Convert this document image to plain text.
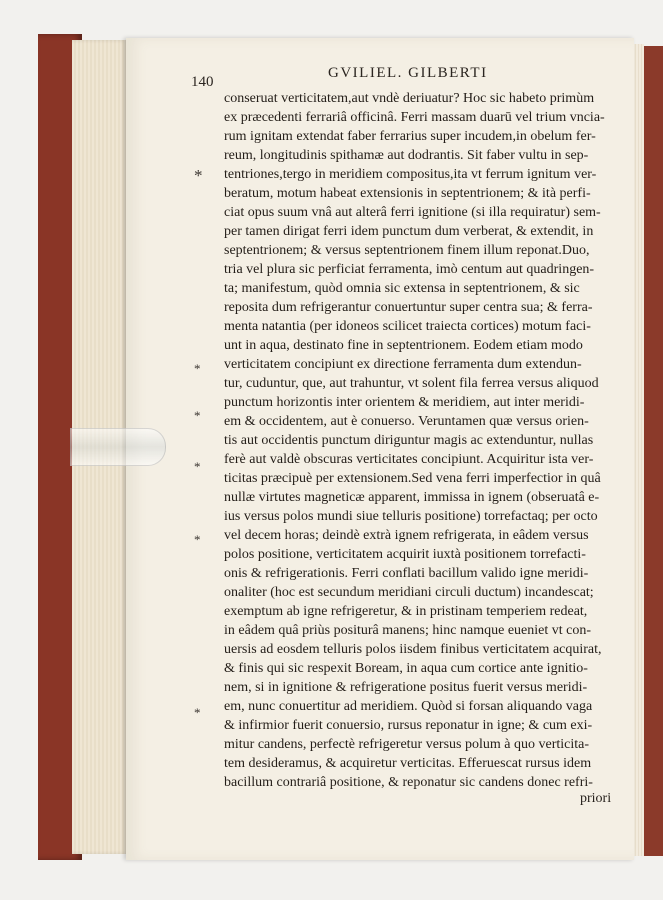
140
GVILIEL. GILBERTI
conseruat verticitatem,aut vndè deriuatur? Hoc sic habeto primùm
ex præcedenti ferrariâ officinâ. Ferri massam duarū vel trium vncia-
rum ignitam extendat faber ferrarius super incudem,in obelum fer-
reum, longitudinis spithamæ aut dodrantis. Sit faber vultu in sep-
tentriones,tergo in meridiem compositus,ita vt ferrum ignitum ver-
beratum, motum habeat extensionis in septentrionem; & ità perfi-
ciat opus suum vnâ aut alterâ ferri ignitione (si illa requiratur) sem-
per tamen dirigat ferri idem punctum dum verberat, & extendit, in
septentrionem; & versus septentrionem finem illum reponat.Duo,
tria vel plura sic perficiat ferramenta, imò centum aut quadringen-
ta; manifestum, quòd omnia sic extensa in septentrionem, & sic
reposita dum refrigerantur conuertuntur super centra sua; & ferra-
menta natantia (per idoneos scilicet traiecta cortices) motum faci-
unt in aqua, destinato fine in septentrionem. Eodem etiam modo
verticitatem concipiunt ex directione ferramenta dum extendun-
tur, cuduntur, que, aut trahuntur, vt solent fila ferrea versus aliquod
punctum horizontis inter orientem & meridiem, aut inter meridi-
em & occidentem, aut è conuerso. Veruntamen quæ versus orien-
tis aut occidentis punctum diriguntur magis ac extenduntur, nullas
ferè aut valdè obscuras verticitates concipiunt. Acquiritur ista ver-
ticitas præcipuè per extensionem.Sed vena ferri imperfectior in quâ
nullæ virtutes magneticæ apparent, immissa in ignem (obseruatâ e-
ius versus polos mundi siue telluris positione) torrefactaq; per octo
vel decem horas; deindè extrà ignem refrigerata, in eâdem versus
polos positione, verticitatem acquirit iuxtà positionem torrefacti-
onis & refrigerationis. Ferri conflati bacillum valido igne meridi-
onaliter (hoc est secundum meridiani circuli ductum) incandescat;
exemptum ab igne refrigeretur, & in pristinam temperiem redeat,
in eâdem quâ priùs positurâ manens; hinc namque eueniet vt con-
uersis ad eosdem telluris polos iisdem finibus verticitatem acquirat,
& finis qui sic respexit Boream, in aqua cum cortice ante ignitio-
nem, si in ignitione & refrigeratione positus fuerit versus meridi-
em, nunc conuertitur ad meridiem. Quòd si forsan aliquando vaga
& infirmior fuerit conuersio, rursus reponatur in igne; & cum exi-
mitur candens, perfectè refrigeretur versus polum à quo verticita-
tem desideramus, & acquiretur verticitas. Efferuescat rursus idem
bacillum contrariâ positione, & reponatur sic candens donec refri-
priori
*
*
*
*
*
*
